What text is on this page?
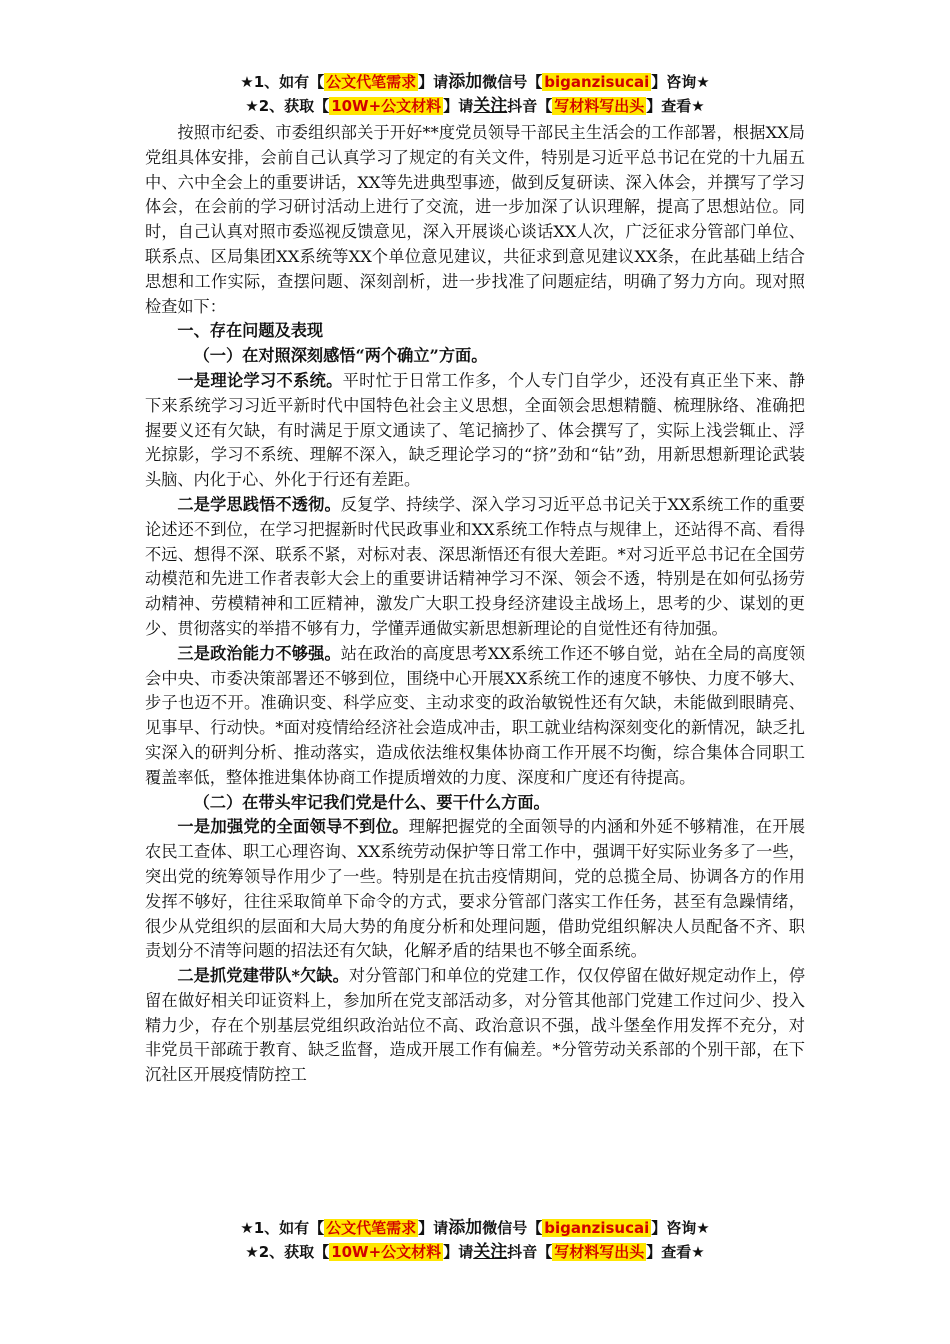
★1、如有【 公文代笔需求 】请添加微信号【 biganzisucai 】咨询★
★2、获取【 10W+公文材料 】请关注抖音【 写材料写出头 】查看★

按照市纪委、市委组织部关于开好**度党员领导干部民主生活会的工作部署，根据XX局党组具体安排，会前自己认真学习了规定的有关文件，特别是习近平总书记在党的十九届五中、六中全会上的重要讲话，XX等先进典型事迹，做到反复研读、深入体会，并撰写了学习体会，在会前的学习研讨活动上进行了交流，进一步加深了认识理解，提高了思想站位。同时，自己认真对照市委巡视反馈意见，深入开展谈心谈话XX人次，广泛征求分管部门单位、联系点、区局集团XX系统等XX个单位意见建议，共征求到意见建议XX条，在此基础上结合思想和工作实际，查摆问题、深刻剖析，进一步找准了问题症结，明确了努力方向。现对照检查如下：

一、存在问题及表现

（一）在对照深刻感悟“两个确立”方面。

一是理论学习不系统。平时忙于日常工作多，个人专门自学少，还没有真正坐下来、静下来系统学习习近平新时代中国特色社会主义思想，全面领会思想精髓、梳理脉络、准确把握要义还有欠缺，有时满足于原文通读了、笔记摘抄了、体会撰写了，实际上浅尝辄止、浮光掠影，学习不系统、理解不深入，缺乏理论学习的“挤”劲和“钻”劲，用新思想新理论武装头脑、内化于心、外化于行还有差距。

二是学思践悟不透彻。反复学、持续学、深入学习习近平总书记关于XX系统工作的重要论述还不到位，在学习把握新时代民政事业和XX系统工作特点与规律上，还站得不高、看得不远、想得不深、联系不紧，对标对表、深思渐悟还有很大差距。*对习近平总书记在全国劳动模范和先进工作者表彰大会上的重要讲话精神学习不深、领会不透，特别是在如何弘扬劳动精神、劳模精神和工匠精神，激发广大职工投身经济建设主战场上，思考的少、谋划的更少、贯彻落实的举措不够有力，学懂弄通做实新思想新理论的自觉性还有待加强。

三是政治能力不够强。站在政治的高度思考XX系统工作还不够自觉，站在全局的高度领会中央、市委决策部署还不够到位，围绕中心开展XX系统工作的速度不够快、力度不够大、步子也迈不开。准确识变、科学应变、主动求变的政治敏锐性还有欠缺，未能做到眼睛亮、见事早、行动快。*面对疫情给经济社会造成冲击，职工就业结构深刻变化的新情况，缺乏扎实深入的研判分析、推动落实，造成依法维权集体协商工作开展不均衡，综合集体合同职工覆盖率低，整体推进集体协商工作提质增效的力度、深度和广度还有待提高。

（二）在带头牢记我们党是什么、要干什么方面。

一是加强党的全面领导不到位。理解把握党的全面领导的内涵和外延不够精准，在开展农民工查体、职工心理咨询、XX系统劳动保护等日常工作中，强调干好实际业务多了一些，突出党的统筹领导作用少了一些。特别是在抗击疫情期间，党的总揽全局、协调各方的作用发挥不够好，往往采取简单下命令的方式，要求分管部门落实工作任务，甚至有急躁情绪，很少从党组织的层面和大局大势的角度分析和处理问题，借助党组织解决人员配备不齐、职责划分不清等问题的招法还有欠缺，化解矛盾的结果也不够全面系统。

二是抓党建带队*欠缺。对分管部门和单位的党建工作，仅仅停留在做好规定动作上，停留在做好相关印证资料上，参加所在党支部活动多，对分管其他部门党建工作过问少、投入精力少，存在个别基层党组织政治站位不高、政治意识不强，战斗堡垒作用发挥不充分，对非党员干部疏于教育、缺乏监督，造成开展工作有偏差。*分管劳动关系部的个别干部，在下沉社区开展疫情防控工

★1、如有【 公文代笔需求 】请添加微信号【 biganzisucai 】咨询★
★2、获取【 10W+公文材料 】请关注抖音【 写材料写出头 】查看★
